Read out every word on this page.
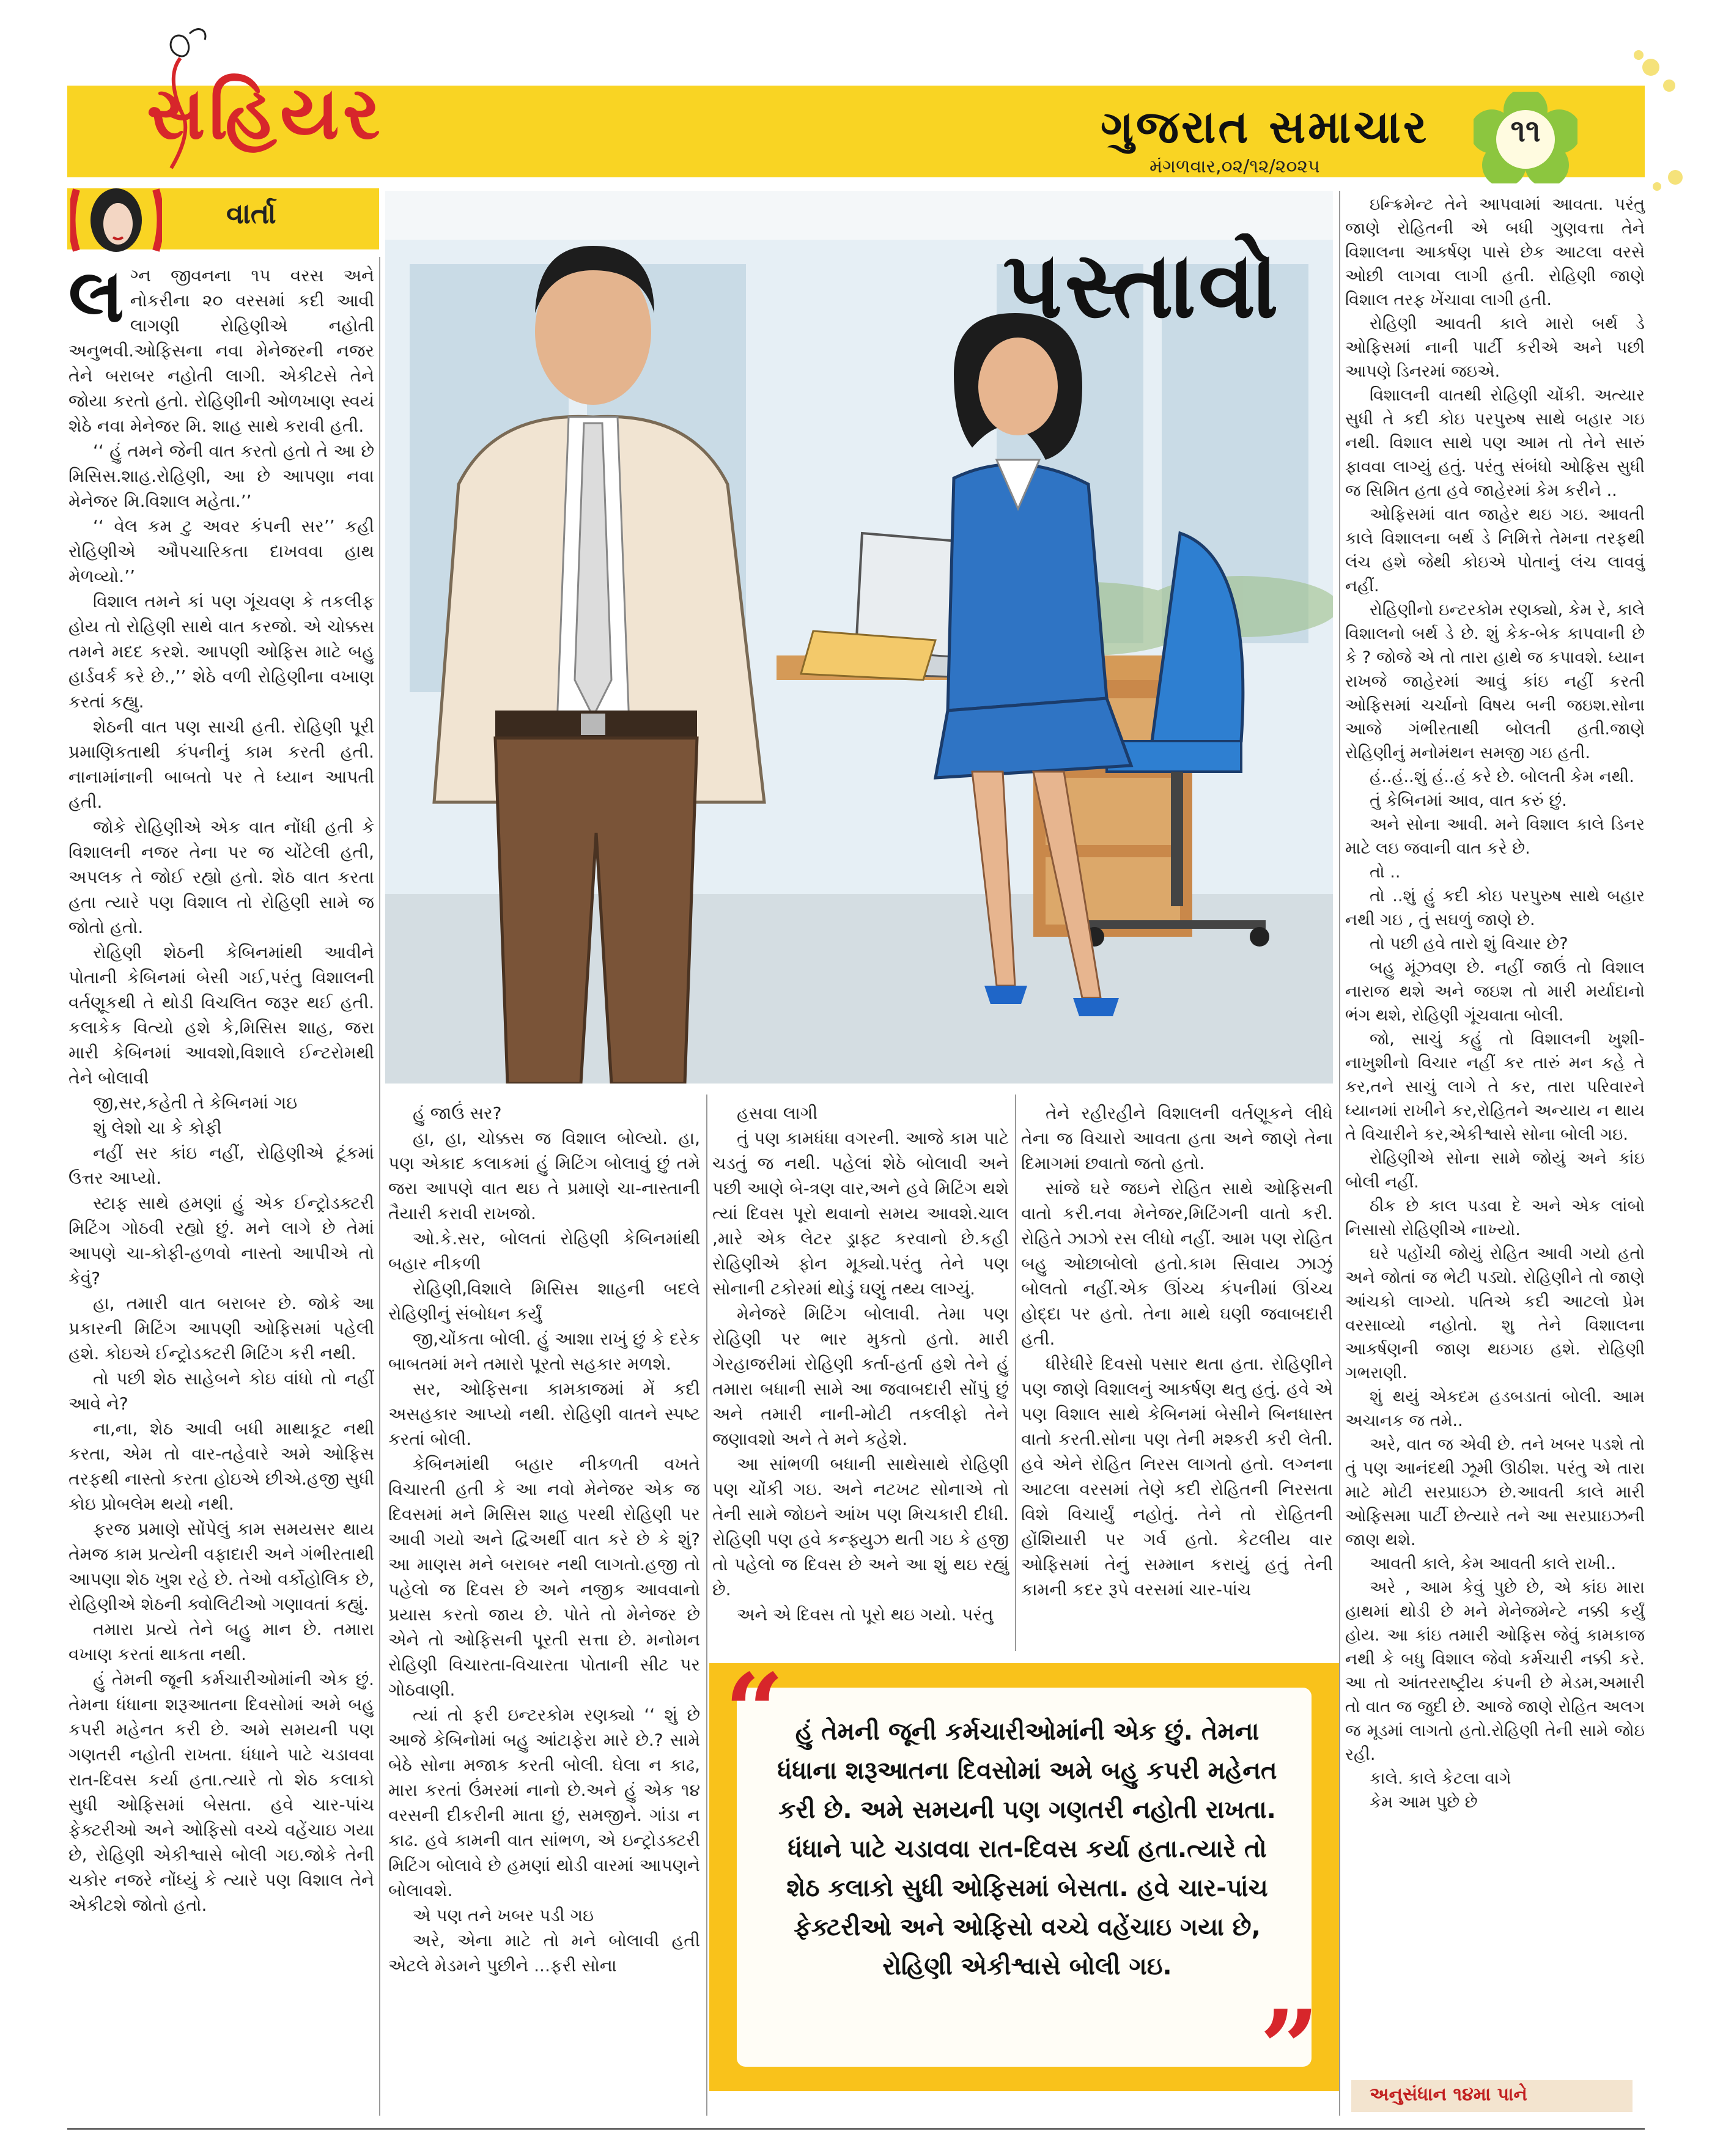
સહિયર	ગુજરાત સમાચાર
મંગળવાર,૦૨/૧૨/૨૦૨૫
૧૧
વાર્તા
પસ્તાવો

લગ્ન જીવનના ૧૫ વરસ અને નોકરીના ૨૦ વરસમાં કદી આવી લાગણી રોહિણીએ નહોતી અનુભવી.ઓફિસના નવા મેનેજરની નજર તેને બરાબર નહોતી લાગી. એકીટસે તેને જોયા કરતો હતો. રોહિણીની ઓળખાણ સ્વયં શેઠે નવા મેનેજર મિ. શાહ સાથે કરાવી હતી.

‘‘ હું તમને જેની વાત કરતો હતો તે આ છે મિસિસ.શાહ.રોહિણી, આ છે આપણા નવા મેનેજર મિ.વિશાલ મહેતા.’’

‘‘ વેલ કમ ટુ અવર કંપની સર’’ કહી રોહિણીએ ઔપચારિકતા દાખવવા હાથ મેળવ્યો.’’

વિશાલ તમને કાં પણ ગૂંચવણ કે તકલીફ હોય તો રોહિણી સાથે વાત કરજો. એ ચોક્કસ તમને મદદ કરશે. આપણી ઓફિસ માટે બહુ હાર્ડવર્ક કરે છે.,’’ શેઠે વળી રોહિણીના વખાણ કરતાં કહ્યુ.

શેઠની વાત પણ સાચી હતી. રોહિણી પૂરી પ્રમાણિકતાથી કંપનીનું કામ કરતી હતી. નાનામાંનાની બાબતો પર તે ધ્યાન આપતી હતી.

જોકે રોહિણીએ એક વાત નોંધી હતી કે વિશાલની નજર તેના પર જ ચોંટેલી હતી, અપલક તે જોઈ રહ્યો હતો. શેઠ વાત કરતા હતા ત્યારે પણ વિશાલ તો રોહિણી સામે જ જોતો હતો.

રોહિણી શેઠની કેબિનમાંથી આવીને પોતાની કેબિનમાં બેસી ગઈ,પરંતુ વિશાલની વર્તણૂકથી તે થોડી વિચલિત જરૂર થઈ હતી. કલાકેક વિત્યો હશે કે,મિસિસ શાહ, જરા મારી કેબિનમાં આવશો,વિશાલે ઈન્ટરોમથી તેને બોલાવી

જી,સર,કહેતી તે કેબિનમાં ગઇ

શું લેશો ચા કે કોફી

નહીં સર કાંઇ નહીં, રોહિણીએ ટૂંકમાં ઉત્તર આપ્યો.

સ્ટાફ સાથે હમણાં હું એક ઈન્ટ્રોડક્ટરી મિટિંગ ગોઠવી રહ્યો છું. મને લાગે છે તેમાં આપણે ચા-કોફી-હળવો નાસ્તો આપીએ તો કેવું?

હા, તમારી વાત બરાબર છે. જોકે આ પ્રકારની મિટિંગ આપણી ઓફિસમાં પહેલી હશે. કોઇએ ઈન્ટ્રોડક્ટરી મિટિંગ કરી નથી.

તો પછી શેઠ સાહેબને કોઇ વાંધો તો નહીં આવે ને?

ના,ના, શેઠ આવી બધી માથાકૂટ નથી કરતા, એમ તો વાર-તહેવારે અમે ઓફિસ તરફથી નાસ્તો કરતા હોઇએ છીએ.હજી સુધી કોઇ પ્રોબલેમ થયો નથી.

ફરજ પ્રમાણે સોંપેલું કામ સમયસર થાય તેમજ કામ પ્રત્યેની વફાદારી અને ગંભીરતાથી આપણા શેઠ ખુશ રહે છે. તેઓ વર્કોહોલિક છે, રોહિણીએ શેઠની ક્વોલિટીઓ ગણાવતાં કહ્યું.

તમારા પ્રત્યે તેને બહુ માન છે. તમારા વખાણ કરતાં થાકતા નથી.

હું તેમની જૂની કર્મચારીઓમાંની એક છું. તેમના ધંધાના શરૂઆતના દિવસોમાં અમે બહુ કપરી મહેનત કરી છે. અમે સમયની પણ ગણતરી નહોતી રાખતા. ધંધાને પાટે ચડાવવા રાત-દિવસ કર્યા હતા.ત્યારે તો શેઠ કલાકો સુધી ઓફિસમાં બેસતા. હવે ચાર-પાંચ ફેક્ટરીઓ અને ઓફિસો વચ્ચે વહેંચાઇ ગયા છે, રોહિણી એકીશ્વાસે બોલી ગઇ.જોકે તેની ચકોર નજરે નોંધ્યું કે ત્યારે પણ વિશાલ તેને એકીટશે જોતો હતો.

હું જાઉં સર?

હા, હા, ચોક્કસ જ વિશાલ બોલ્યો. હા, પણ એકાદ કલાકમાં હું મિટિંગ બોલાવું છું તમે જરા આપણે વાત થઇ તે પ્રમાણે ચા-નાસ્તાની તૈયારી કરાવી રાખજો.

ઓ.કે.સર, બોલતાં રોહિણી કેબિનમાંથી બહાર નીકળી

રોહિણી,વિશાલે મિસિસ શાહની બદલે રોહિણીનું સંબોધન કર્યું

જી,ચોંકતા બોલી. હું આશા રાખું છું કે દરેક બાબતમાં મને તમારો પૂરતો સહકાર મળશે.

સર, ઓફિસના કામકાજમાં મેં કદી અસહકાર આપ્યો નથી. રોહિણી વાતને સ્પષ્ટ કરતાં બોલી.

કેબિનમાંથી બહાર નીકળતી વખતે વિચારતી હતી કે આ નવો મેનેજર એક જ દિવસમાં મને મિસિસ શાહ પરથી રોહિણી પર આવી ગયો અને દ્વિઅર્થી વાત કરે છે કે શું? આ માણસ મને બરાબર નથી લાગતો.હજી તો પહેલો જ દિવસ છે અને નજીક આવવાનો પ્રયાસ કરતો જાય છે. પોતે તો મેનેજર છે એને તો ઓફિસની પૂરતી સત્તા છે. મનોમન રોહિણી વિચારતા-વિચારતા પોતાની સીટ પર ગોઠવાણી.

ત્યાં તો ફરી ઇન્ટરકોમ રણક્યો ‘‘ શું છે આજે કેબિનોમાં બહુ આંટાફેરા મારે છે.? સામે બેઠે સોના મજાક કરતી બોલી. ઘેલા ન કાઢ, મારા કરતાં ઉંમરમાં નાનો છે.અને હું એક ૧૪ વરસની દીકરીની માતા છું, સમજીને. ગાંડા ન કાઢ. હવે કામની વાત સાંભળ, એ ઇન્ટ્રોડક્ટરી મિટિંગ બોલાવે છે હમણાં થોડી વારમાં આપણને બોલાવશે.

એ પણ તને ખબર પડી ગઇ

અરે, એના માટે તો મને બોલાવી હતી એટલે મેડમને પુછીને ...ફરી સોના

હસવા લાગી

તું પણ કામધંધા વગરની. આજે કામ પાટે ચડતું જ નથી. પહેલાં શેઠે બોલાવી અને પછી આણે બે-ત્રણ વાર,અને હવે મિટિંગ થશે ત્યાં દિવસ પૂરો થવાનો સમય આવશે.ચાલ ,મારે એક લેટર ડ્રાફ્ટ કરવાનો છે.કહી રોહિણીએ ફોન મૂક્યો.પરંતુ તેને પણ સોનાની ટકોરમાં થોડું ઘણું તથ્ય લાગ્યું.

મેનેજરે મિટિંગ બોલાવી. તેમા પણ રોહિણી પર ભાર મુકતો હતો. મારી ગેરહાજરીમાં રોહિણી કર્તા-હર્તા હશે તેને હું તમારા બધાની સામે આ જવાબદારી સોંપું છું અને તમારી નાની-મોટી તકલીફો તેને જણાવશો અને તે મને કહેશે.

આ સાંભળી બધાની સાથેસાથે રોહિણી પણ ચોંકી ગઇ. અને નટખટ સોનાએ તો તેની સામે જોઇને આંખ પણ મિચકારી દીધી. રોહિણી પણ હવે કન્ફ્યુઝ થતી ગઇ કે હજી તો પહેલો જ દિવસ છે અને આ શું થઇ રહ્યું છે.

અને એ દિવસ તો પૂરો થઇ ગયો. પરંતુ

તેને રહીરહીને વિશાલની વર્તણૂકને લીધે તેના જ વિચારો આવતા હતા અને જાણે તેના દિમાગમાં છવાતો જતો હતો.

સાંજે ઘરે જઇને રોહિત સાથે ઓફિસની વાતો કરી.નવા મેનેજર,મિટિંગની વાતો કરી. રોહિતે ઝાઝો રસ લીધો નહીં. આમ પણ રોહિત બહુ ઓછાબોલો હતો.કામ સિવાય ઝાઝું બોલતો નહીં.એક ઊંચ્ચ કંપનીમાં ઊંચ્ચ હોદ્દા પર હતો. તેના માથે ઘણી જવાબદારી હતી.

ધીરેધીરે દિવસો પસાર થતા હતા. રોહિણીને પણ જાણે વિશાલનું આકર્ષણ થતુ હતું. હવે એ પણ વિશાલ સાથે કેબિનમાં બેસીને બિનધાસ્ત વાતો કરતી.સોના પણ તેની મશ્કરી કરી લેતી. હવે એને રોહિત નિરસ લાગતો હતો. લગ્નના આટલા વરસમાં તેણે કદી રોહિતની નિરસતા વિશે વિચાર્યું નહોતું. તેને તો રોહિતની હોંશિયારી પર ગર્વ હતો. કેટલીય વાર ઓફિસમાં તેનું સમ્માન કરાયું હતું તેની કામની કદર રૂપે વરસમાં ચાર-પાંચ

ઇન્ક્રિમેન્ટ તેને આપવામાં આવતા. પરંતુ જાણે રોહિતની એ બધી ગુણવત્તા તેને વિશાલના આકર્ષણ પાસે છેક આટલા વરસે ઓછી લાગવા લાગી હતી. રોહિણી જાણે વિશાલ તરફ ખેંચાવા લાગી હતી.

રોહિણી આવતી કાલે મારો બર્થ ડે ઓફિસમાં નાની પાર્ટી કરીએ અને પછી આપણે ડિનરમાં જઇએ.

વિશાલની વાતથી રોહિણી ચોંકી. અત્યાર સુધી તે કદી કોઇ પરપુરુષ સાથે બહાર ગઇ નથી. વિશાલ સાથે પણ આમ તો તેને સારું ફાવવા લાગ્યું હતું. પરંતુ સંબંધો ઓફિસ સુધી જ સિમિત હતા હવે જાહેરમાં કેમ કરીને ..

ઓફિસમાં વાત જાહેર થઇ ગઇ. આવતી કાલે વિશાલના બર્થ ડે નિમિત્તે તેમના તરફથી લંચ હશે જેથી કોઇએ પોતાનું લંચ લાવવું નહીં.

રોહિણીનો ઇન્ટરકોમ રણક્યો, કેમ રે, કાલે વિશાલનો બર્થ ડે છે. શું કેક-બેક કાપવાની છે કે ? જોજે એ તો તારા હાથે જ કપાવશે. ધ્યાન રાખજે જાહેરમાં આવું કાંઇ નહીં કરતી ઓફિસમાં ચર્ચાનો વિષય બની જઇશ.સોના આજે ગંભીરતાથી બોલતી હતી.જાણે રોહિણીનું મનોમંથન સમજી ગઇ હતી.

હં..હં..શું હં..હં કરે છે. બોલતી કેમ નથી.

તું કેબિનમાં આવ, વાત કરું છું.

અને સોના આવી. મને વિશાલ કાલે ડિનર માટે લઇ જવાની વાત કરે છે.

તો ..

તો ..શું હું કદી કોઇ પરપુરુષ સાથે બહાર નથી ગઇ , તું સઘળું જાણે છે.

તો પછી હવે તારો શું વિચાર છે?

બહુ મૂંઝવણ છે. નહીં જાઉં તો વિશાલ નારાજ થશે અને જઇશ તો મારી મર્યાદાનો ભંગ થશે, રોહિણી ગૂંચવાતા બોલી.

જો, સાચું કહું તો વિશાલની ખુશી-નાખુશીનો વિચાર નહીં કર તારું મન કહે તે કર,તને સાચું લાગે તે કર, તારા પરિવારને ધ્યાનમાં રાખીને કર,રોહિતને અન્યાય ન થાય તે વિચારીને કર,એકીશ્વાસે સોના બોલી ગઇ.

રોહિણીએ સોના સામે જોયું અને કાંઇ બોલી નહીં.

ઠીક છે કાલ પડવા દે અને એક લાંબો નિસાસો રોહિણીએ નાખ્યો.

ઘરે પહોંચી જોયું રોહિત આવી ગયો હતો અને જોતાં જ ભેટી પડ્યો. રોહિણીને તો જાણે આંચકો લાગ્યો. પતિએ કદી આટલો પ્રેમ વરસાવ્યો નહોતો. શુ તેને વિશાલના આકર્ષણની જાણ થઇગઇ હશે. રોહિણી ગભરાણી.

શું થયું એકદમ હડબડાતાં બોલી. આમ અચાનક જ તમે..

અરે, વાત જ એવી છે. તને ખબર પડશે તો તું પણ આનંદથી ઝૂમી ઊઠીશ. પરંતુ એ તારા માટે મોટી સરપ્રાઇઝ છે.આવતી કાલે મારી ઓફિસમા પાર્ટી છેત્યારે તને આ સરપ્રાઇઝની જાણ થશે.

આવતી કાલે, કેમ આવતી કાલે રાખી..

અરે , આમ કેવું પુછે છે, એ કાંઇ મારા હાથમાં થોડી છે મને મેનેજમેન્ટે નક્કી કર્યું હોય. આ કાંઇ તમારી ઓફિસ જેવું કામકાજ નથી કે બધુ વિશાલ જેવો કર્મચારી નક્કી કરે. આ તો આંતરરાષ્ટ્રીય કંપની છે મેડમ,અમારી તો વાત જ જુદી છે. આજે જાણે રોહિત અલગ જ મૂડમાં લાગતો હતો.રોહિણી તેની સામે જોઇ રહી.

કાલે. કાલે કેટલા વાગે

કેમ આમ પુછે છે

“ હું તેમની જૂની કર્મચારીઓમાંની એક છું. તેમના ધંધાના શરૂઆતના દિવસોમાં અમે બહુ કપરી મહેનત કરી છે. અમે સમયની પણ ગણતરી નહોતી રાખતા. ધંધાને પાટે ચડાવવા રાત-દિવસ કર્યા હતા.ત્યારે તો શેઠ કલાકો સુધી ઓફિસમાં બેસતા. હવે ચાર-પાંચ ફેક્ટરીઓ અને ઓફિસો વચ્ચે વહેંચાઇ ગયા છે, રોહિણી એકીશ્વાસે બોલી ગઇ.
”	અનુસંધાન ૧૪મા પાને
